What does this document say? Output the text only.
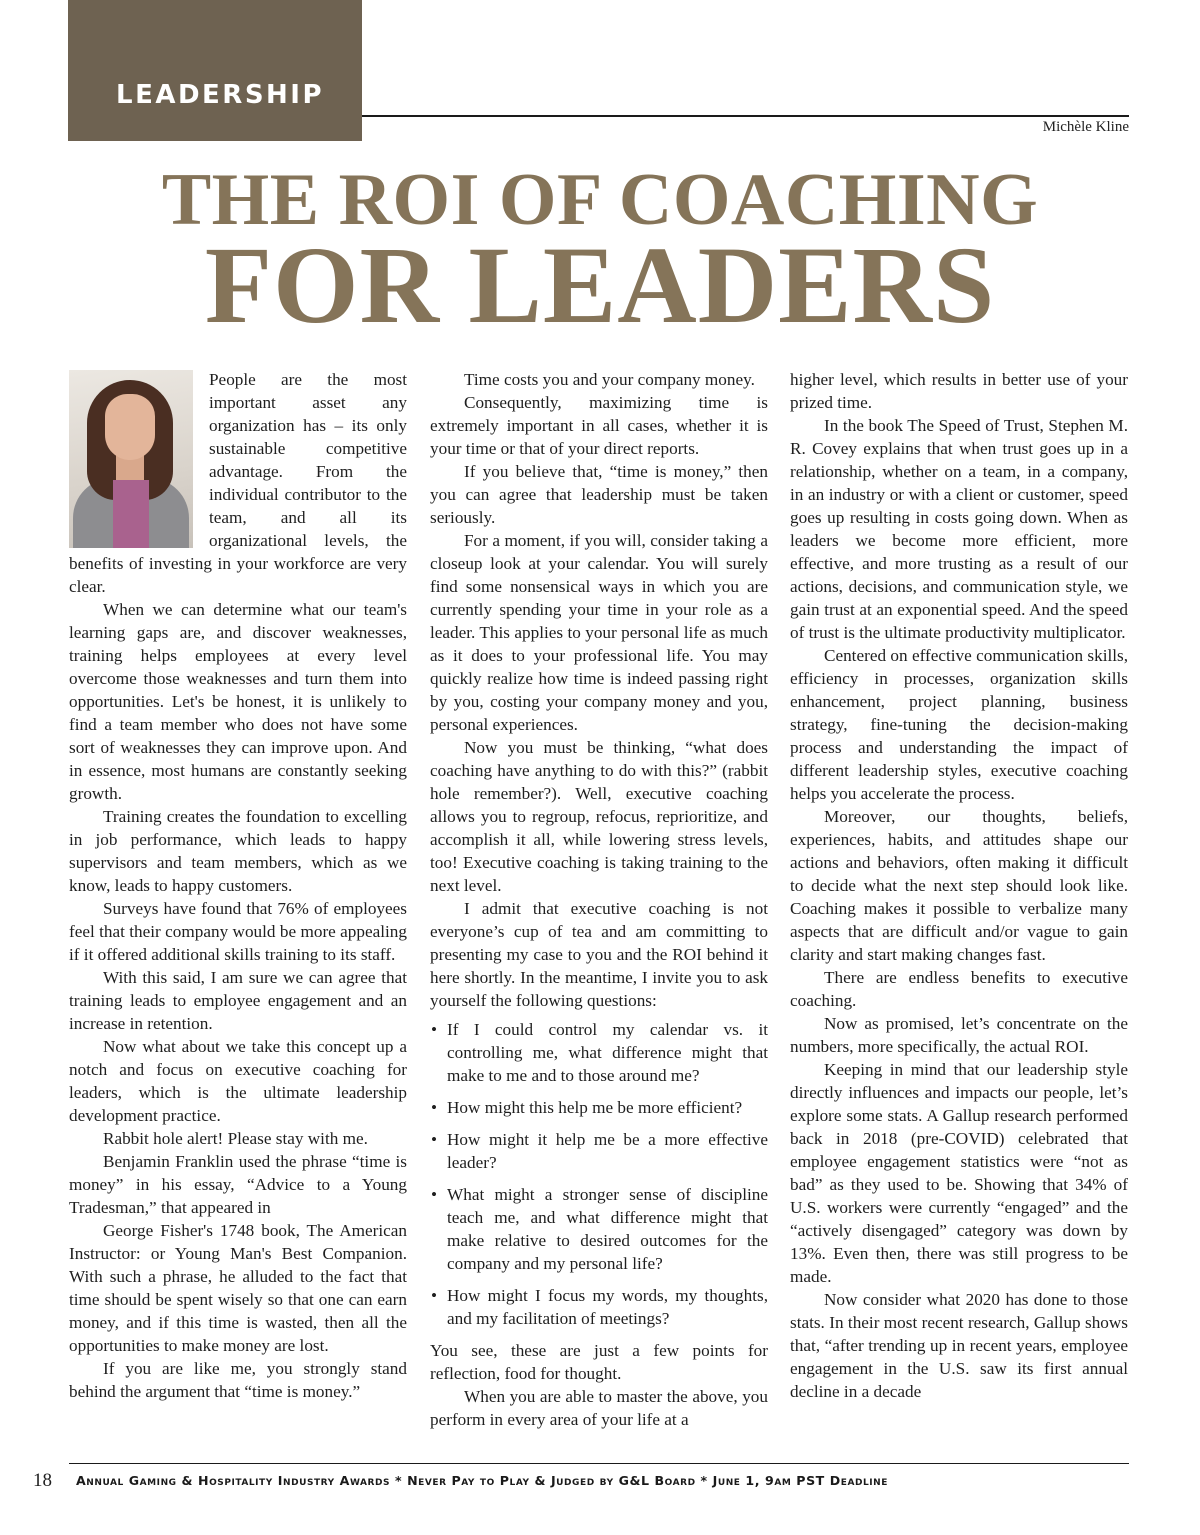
LEADERSHIP
Michèle Kline
THE ROI OF COACHING
FOR LEADERS

People are the most important asset any organization has – its only sustainable competitive advantage. From the individual contributor to the team, and all its organizational levels, the benefits of investing in your workforce are very clear.

When we can determine what our team's learning gaps are, and discover weaknesses, training helps employees at every level overcome those weaknesses and turn them into opportunities. Let's be honest, it is unlikely to find a team member who does not have some sort of weaknesses they can improve upon. And in essence, most humans are constantly seeking growth.

Training creates the foundation to excelling in job performance, which leads to happy supervisors and team members, which as we know, leads to happy customers.

Surveys have found that 76% of employees feel that their company would be more appealing if it offered additional skills training to its staff.

With this said, I am sure we can agree that training leads to employee engagement and an increase in retention.

Now what about we take this concept up a notch and focus on executive coaching for leaders, which is the ultimate leadership development practice.

Rabbit hole alert! Please stay with me.

Benjamin Franklin used the phrase “time is money” in his essay, “Advice to a Young Tradesman,” that appeared in

George Fisher's 1748 book, The American Instructor: or Young Man's Best Companion. With such a phrase, he alluded to the fact that time should be spent wisely so that one can earn money, and if this time is wasted, then all the opportunities to make money are lost.

If you are like me, you strongly stand behind the argument that “time is money.”

Time costs you and your company money.

Consequently, maximizing time is extremely important in all cases, whether it is your time or that of your direct reports.

If you believe that, “time is money,” then you can agree that leadership must be taken seriously.

For a moment, if you will, consider taking a closeup look at your calendar. You will surely find some nonsensical ways in which you are currently spending your time in your role as a leader. This applies to your personal life as much as it does to your professional life. You may quickly realize how time is indeed passing right by you, costing your company money and you, personal experiences.

Now you must be thinking, “what does coaching have anything to do with this?” (rabbit hole remember?). Well, executive coaching allows you to regroup, refocus, reprioritize, and accomplish it all, while lowering stress levels, too! Executive coaching is taking training to the next level.

I admit that executive coaching is not everyone’s cup of tea and am committing to presenting my case to you and the ROI behind it here shortly. In the meantime, I invite you to ask yourself the following questions:

• If I could control my calendar vs. it controlling me, what difference might that make to me and to those around me?
• How might this help me be more efficient?
• How might it help me be a more effective leader?
• What might a stronger sense of discipline teach me, and what difference might that make relative to desired outcomes for the company and my personal life?
• How might I focus my words, my thoughts, and my facilitation of meetings?

You see, these are just a few points for reflection, food for thought.

When you are able to master the above, you perform in every area of your life at a

higher level, which results in better use of your prized time.

In the book The Speed of Trust, Stephen M. R. Covey explains that when trust goes up in a relationship, whether on a team, in a company, in an industry or with a client or customer, speed goes up resulting in costs going down. When as leaders we become more efficient, more effective, and more trusting as a result of our actions, decisions, and communication style, we gain trust at an exponential speed. And the speed of trust is the ultimate productivity multiplicator.

Centered on effective communication skills, efficiency in processes, organization skills enhancement, project planning, business strategy, fine-tuning the decision-making process and understanding the impact of different leadership styles, executive coaching helps you accelerate the process.

Moreover, our thoughts, beliefs, experiences, habits, and attitudes shape our actions and behaviors, often making it difficult to decide what the next step should look like. Coaching makes it possible to verbalize many aspects that are difficult and/or vague to gain clarity and start making changes fast.

There are endless benefits to executive coaching.

Now as promised, let’s concentrate on the numbers, more specifically, the actual ROI.

Keeping in mind that our leadership style directly influences and impacts our people, let’s explore some stats. A Gallup research performed back in 2018 (pre-COVID) celebrated that employee engagement statistics were “not as bad” as they used to be. Showing that 34% of U.S. workers were currently “engaged” and the “actively disengaged” category was down by 13%. Even then, there was still progress to be made.

Now consider what 2020 has done to those stats. In their most recent research, Gallup shows that, “after trending up in recent years, employee engagement in the U.S. saw its first annual decline in a decade

18 Annual Gaming & Hospitality Industry Awards * Never Pay to Play & Judged by G&L Board * June 1, 9am PST Deadline
